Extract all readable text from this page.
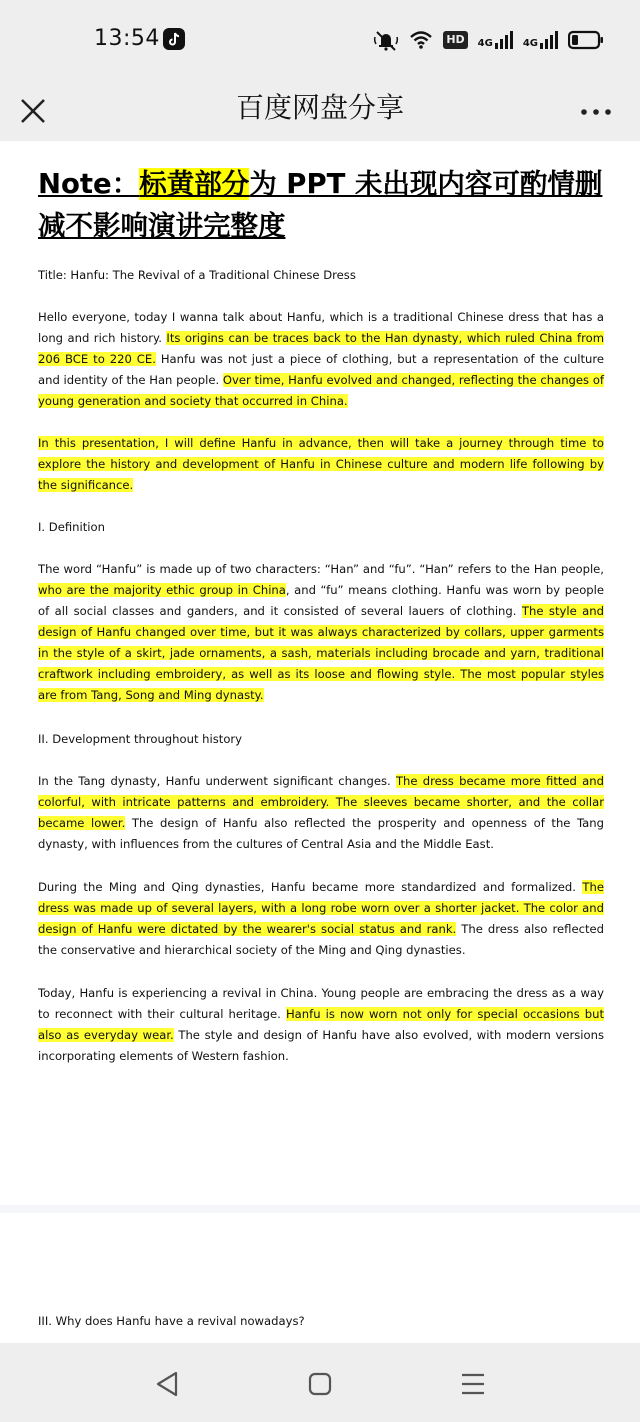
13:54	HD	4G	4G
百度网盘分享

Note：标黄部分为 PPT 未出现内容可酌情删减不影响演讲完整度

Title: Hanfu: The Revival of a Traditional Chinese Dress

Hello everyone, today I wanna talk about Hanfu, which is a traditional Chinese dress that has a long and rich history. Its origins can be traces back to the Han dynasty, which ruled China from 206 BCE to 220 CE. Hanfu was not just a piece of clothing, but a representation of the culture and identity of the Han people. Over time, Hanfu evolved and changed, reflecting the changes of young generation and society that occurred in China.

In this presentation, I will define Hanfu in advance, then will take a journey through time to explore the history and development of Hanfu in Chinese culture and modern life following by the significance.

I. Definition

The word “Hanfu” is made up of two characters: “Han” and “fu”. “Han” refers to the Han people, who are the majority ethic group in China, and “fu” means clothing. Hanfu was worn by people of all social classes and ganders, and it consisted of several lauers of clothing. The style and design of Hanfu changed over time, but it was always characterized by collars, upper garments in the style of a skirt, jade ornaments, a sash, materials including brocade and yarn, traditional craftwork including embroidery, as well as its loose and flowing style. The most popular styles are from Tang, Song and Ming dynasty.

II. Development throughout history

In the Tang dynasty, Hanfu underwent significant changes. The dress became more fitted and colorful, with intricate patterns and embroidery. The sleeves became shorter, and the collar became lower. The design of Hanfu also reflected the prosperity and openness of the Tang dynasty, with influences from the cultures of Central Asia and the Middle East.

During the Ming and Qing dynasties, Hanfu became more standardized and formalized. The dress was made up of several layers, with a long robe worn over a shorter jacket. The color and design of Hanfu were dictated by the wearer's social status and rank. The dress also reflected the conservative and hierarchical society of the Ming and Qing dynasties.

Today, Hanfu is experiencing a revival in China. Young people are embracing the dress as a way to reconnect with their cultural heritage. Hanfu is now worn not only for special occasions but also as everyday wear. The style and design of Hanfu have also evolved, with modern versions incorporating elements of Western fashion.

III. Why does Hanfu have a revival nowadays?
